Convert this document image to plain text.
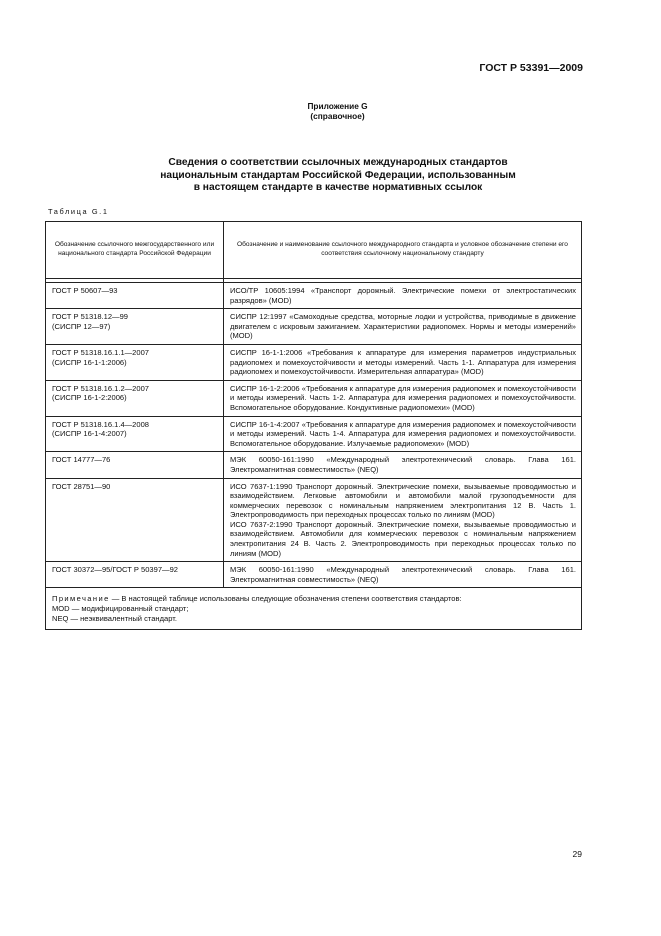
ГОСТ Р 53391—2009
Приложение G
(справочное)
Сведения о соответствии ссылочных международных стандартов
национальным стандартам Российской Федерации, использованным
в настоящем стандарте в качестве нормативных ссылок
Таблица G.1
Обозначение ссылочного межгосударственного или национального стандарта Российской Федерации	Обозначение и наименование ссылочного международного стандарта и условное обозначение степени его соответствия ссылочному национальному стандарту

ГОСТ Р 50607—93	ИСО/ТР 10605:1994 «Транспорт дорожный. Электрические помехи от электростатических разрядов» (MOD)

ГОСТ Р 51318.12—99
(СИСПР 12—97)	СИСПР 12:1997 «Самоходные средства, моторные лодки и устройства, приводимые в движение двигателем с искровым зажиганием. Характеристики радиопомех. Нормы и методы измерений» (MOD)

ГОСТ Р 51318.16.1.1—2007
(СИСПР 16-1-1:2006)	СИСПР 16-1-1:2006 «Требования к аппаратуре для измерения параметров индустриальных радиопомех и помехоустойчивости и методы измерений. Часть 1-1. Аппаратура для измерения радиопомех и помехоустойчивости. Измерительная аппаратура» (MOD)

ГОСТ Р 51318.16.1.2—2007
(СИСПР 16-1-2:2006)	СИСПР 16-1-2:2006 «Требования к аппаратуре для измерения радиопомех и помехоустойчивости и методы измерений. Часть 1-2. Аппаратура для измерения радиопомех и помехоустойчивости. Вспомогательное оборудование. Кондуктивные радиопомехи» (MOD)

ГОСТ Р 51318.16.1.4—2008
(СИСПР 16-1-4:2007)	СИСПР 16-1-4:2007 «Требования к аппаратуре для измерения радиопомех и помехоустойчивости и методы измерений. Часть 1-4. Аппаратура для измерения радиопомех и помехоустойчивости. Вспомогательное оборудование. Излучаемые радиопомехи» (MOD)

ГОСТ 14777—76	МЭК 60050-161:1990 «Международный электротехнический словарь. Глава 161. Электромагнитная совместимость» (NEQ)

ГОСТ 28751—90	ИСО 7637-1:1990 Транспорт дорожный. Электрические помехи, вызываемые проводимостью и взаимодействием. Легковые автомобили и автомобили малой грузоподъемности для коммерческих перевозок с номинальным напряжением электропитания 12 В. Часть 1. Электропроводимость при переходных процессах только по линиям (MOD)
ИСО 7637-2:1990 Транспорт дорожный. Электрические помехи, вызываемые проводимостью и взаимодействием. Автомобили для коммерческих перевозок с номинальным напряжением электропитания 24 В. Часть 2. Электропроводимость при переходных процессах только по линиям (MOD)

ГОСТ 30372—95/ГОСТ Р 50397—92	МЭК 60050-161:1990 «Международный электротехнический словарь. Глава 161. Электромагнитная совместимость» (NEQ)

Примечание — В настоящей таблице использованы следующие обозначения степени соответствия стандартов:
MOD — модифицированный стандарт;
NEQ — неэквивалентный стандарт.	
29
